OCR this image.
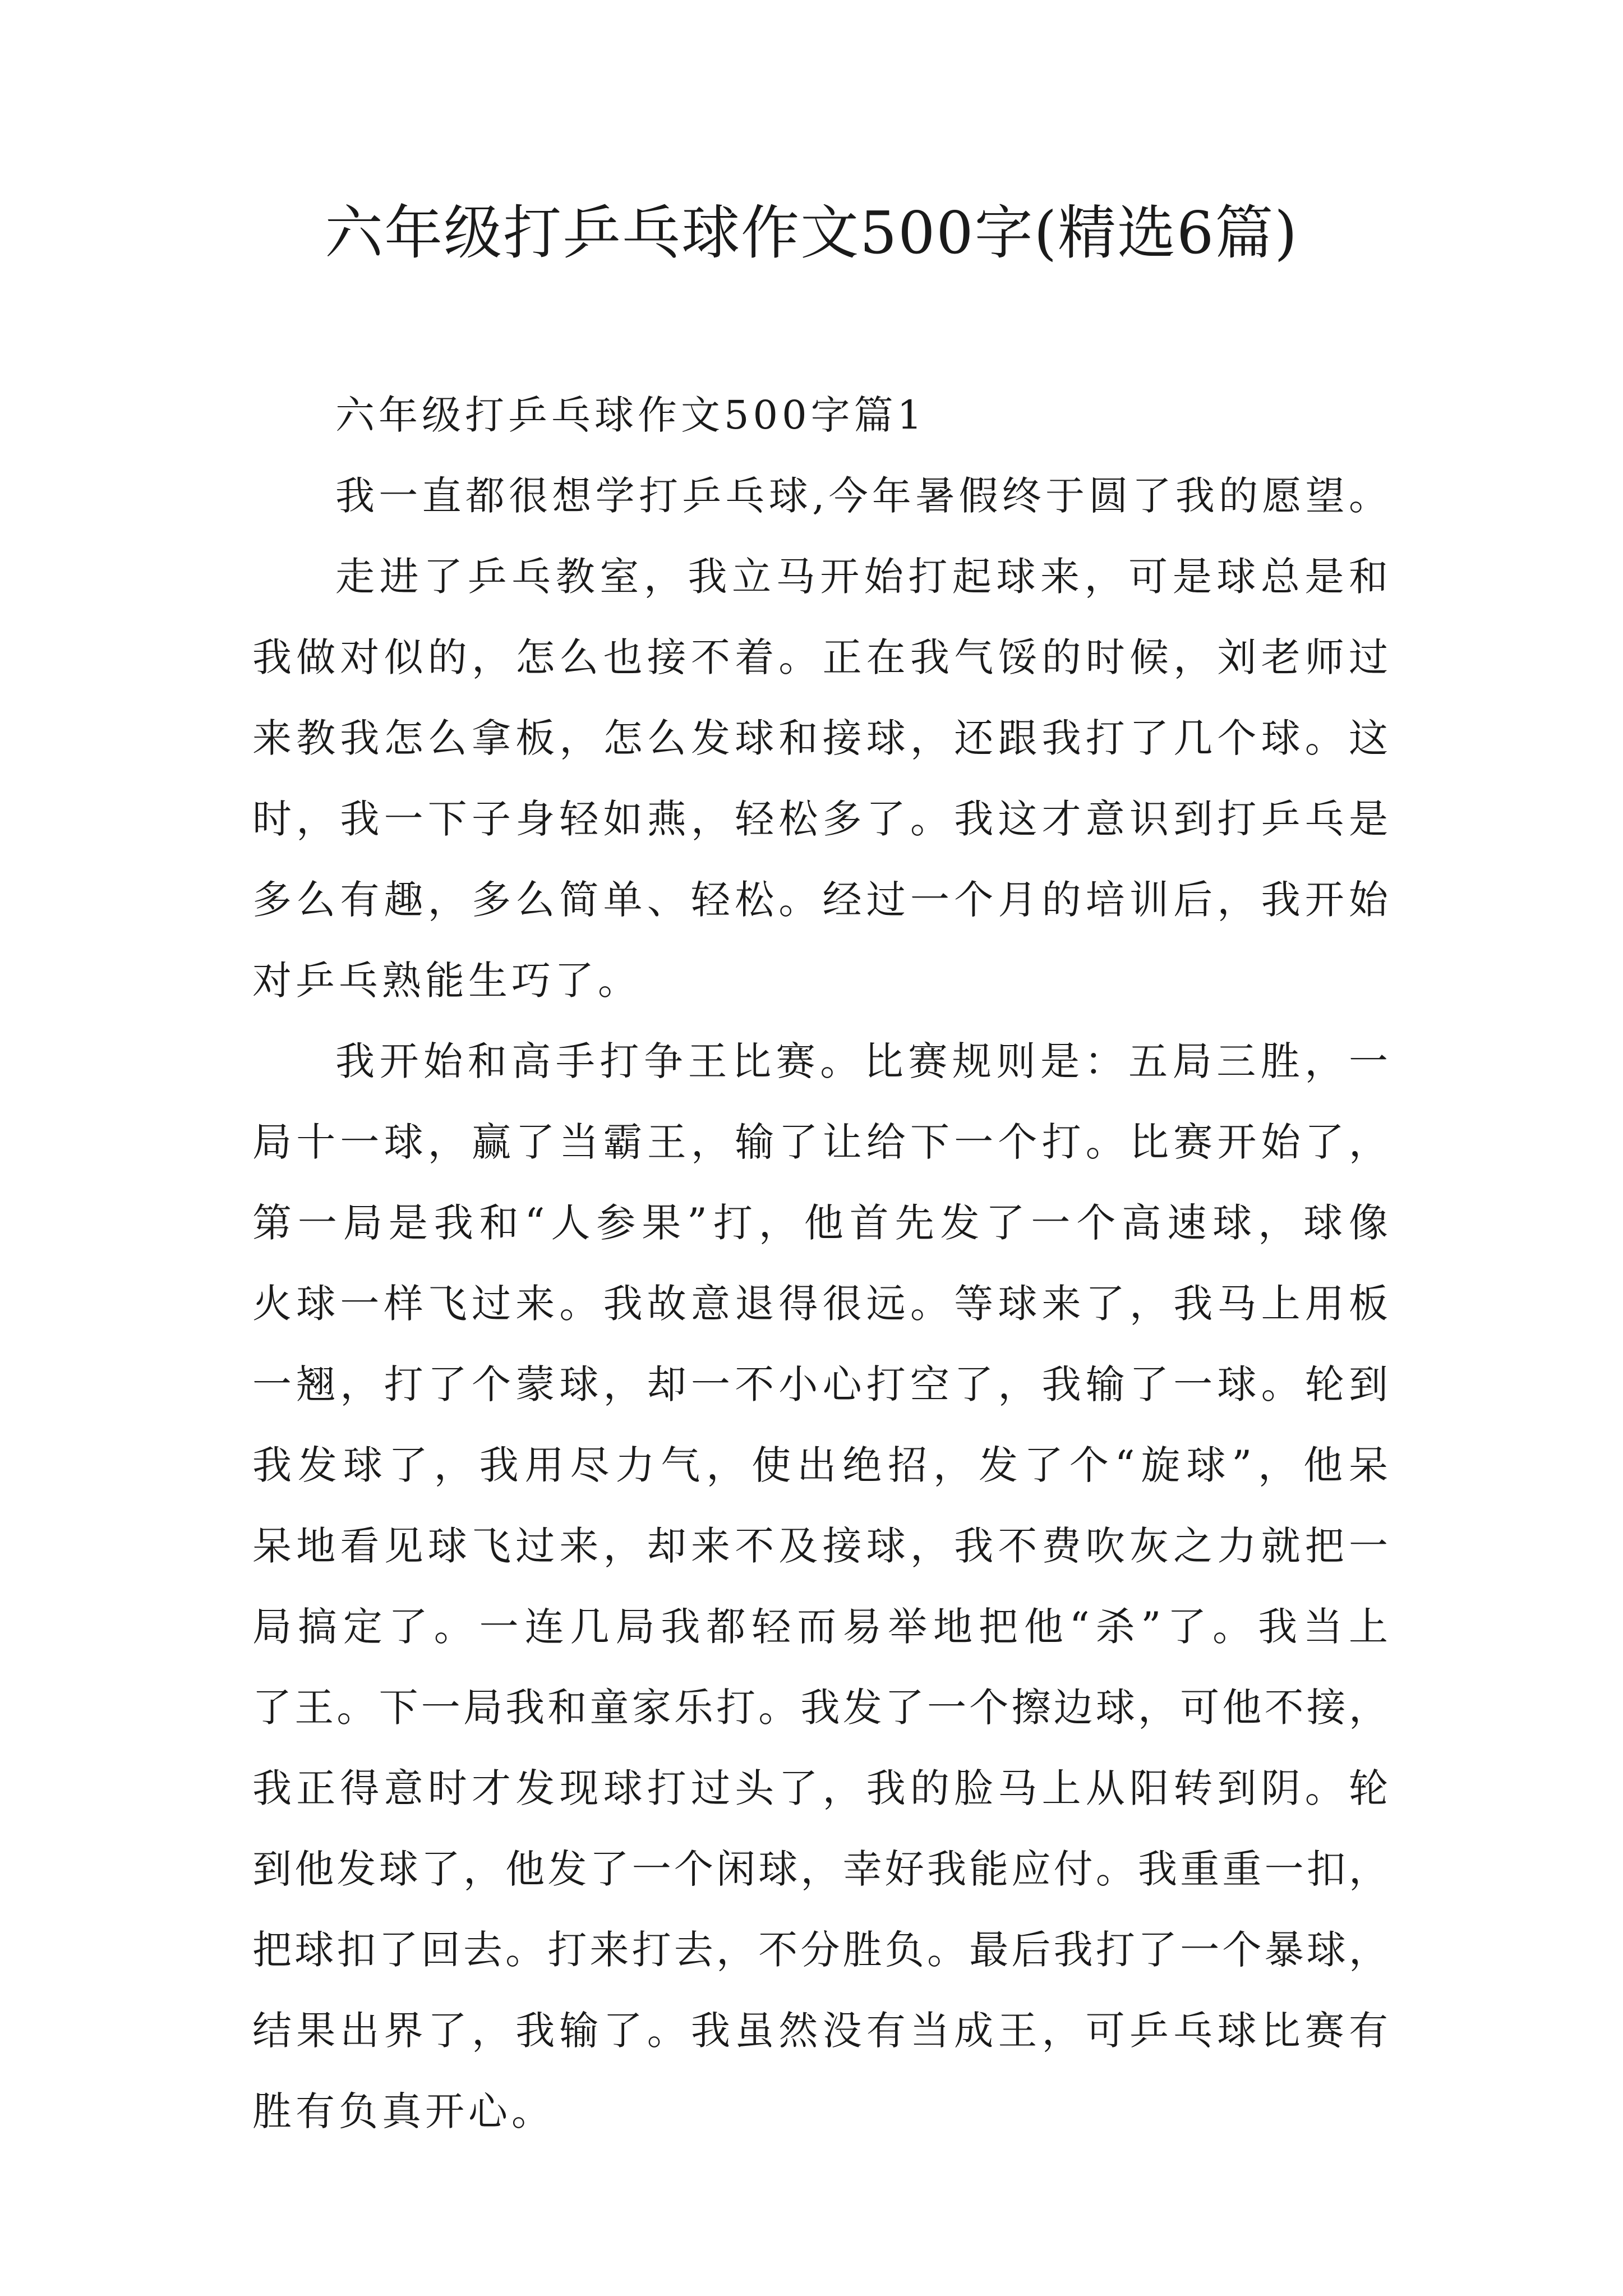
六年级打乒乓球作文500字(精选6篇)
六年级打乒乓球作文500字篇1
我一直都很想学打乒乓球,今年暑假终于圆了我的愿望。
走进了乒乓教室，我立马开始打起球来，可是球总是和
我做对似的，怎么也接不着。正在我气馁的时候，刘老师过
来教我怎么拿板，怎么发球和接球，还跟我打了几个球。这
时，我一下子身轻如燕，轻松多了。我这才意识到打乒乓是
多么有趣，多么简单、轻松。经过一个月的培训后，我开始
对乒乓熟能生巧了。
我开始和高手打争王比赛。比赛规则是：五局三胜，一
局十一球，赢了当霸王，输了让给下一个打。比赛开始了，
第一局是我和“人参果”打，他首先发了一个高速球，球像
火球一样飞过来。我故意退得很远。等球来了，我马上用板
一翘，打了个蒙球，却一不小心打空了，我输了一球。轮到
我发球了，我用尽力气，使出绝招，发了个“旋球”，他呆
呆地看见球飞过来，却来不及接球，我不费吹灰之力就把一
局搞定了。一连几局我都轻而易举地把他“杀”了。我当上
了王。下一局我和童家乐打。我发了一个擦边球，可他不接，
我正得意时才发现球打过头了，我的脸马上从阳转到阴。轮
到他发球了，他发了一个闲球，幸好我能应付。我重重一扣，
把球扣了回去。打来打去，不分胜负。最后我打了一个暴球，
结果出界了，我输了。我虽然没有当成王，可乒乓球比赛有
胜有负真开心。
